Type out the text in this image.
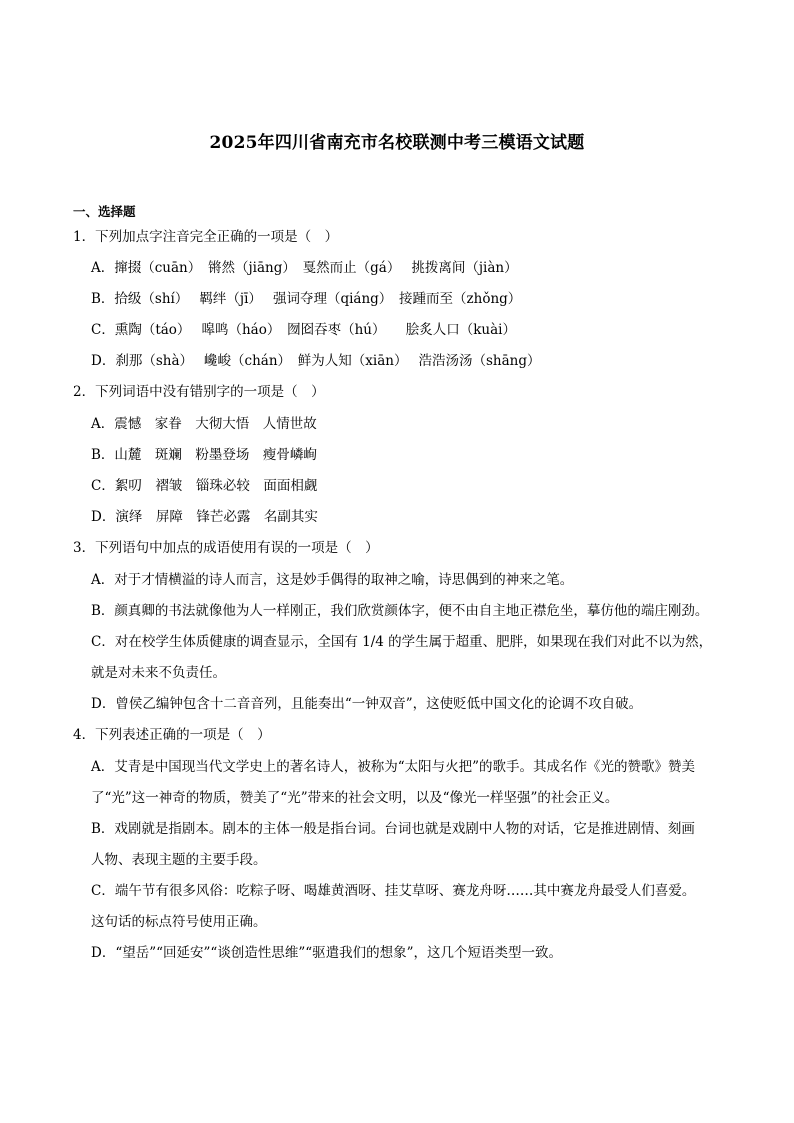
2025年四川省南充市名校联测中考三模语文试题
一、选择题
1．下列加点字注音完全正确的一项是（　）
A．撺掇（cuān）　锵然（jiāng）　戛然而止（gá）　 挑拨离间（jiàn）
B．拾级（shí）　 羁绊（jī）　 强词夺理（qiáng）　接踵而至（zhǒng）
C．熏陶（táo）　 嗥鸣（háo）　囫囵吞枣（hú）　　脍炙人口（kuài）
D．刹那（shà）　 巉峻（chán）　鲜为人知（xiān）　 浩浩汤汤（shāng）
2．下列词语中没有错别字的一项是（　）
A．震憾　家眷　大彻大悟　人情世故
B．山麓　斑斓　粉墨登场　瘦骨嶙峋
C．絮叨　褶皱　锱珠必较　面面相觑
D．演绎　屏障　锋芒必露　名副其实
3．下列语句中加点的成语使用有误的一项是（　）
A．对于才情横溢的诗人而言，这是妙手偶得的取神之喻，诗思偶到的神来之笔。
B．颜真卿的书法就像他为人一样刚正，我们欣赏颜体字，便不由自主地正襟危坐，摹仿他的端庄刚劲。
C．对在校学生体质健康的调查显示，全国有 1/4 的学生属于超重、肥胖，如果现在我们对此不以为然，
就是对未来不负责任。
D．曾侯乙编钟包含十二音音列，且能奏出“一钟双音”，这使贬低中国文化的论调不攻自破。
4．下列表述正确的一项是（　）
A．艾青是中国现当代文学史上的著名诗人，被称为“太阳与火把”的歌手。其成名作《光的赞歌》赞美
了“光”这一神奇的物质，赞美了“光”带来的社会文明，以及“像光一样坚强”的社会正义。
B．戏剧就是指剧本。剧本的主体一般是指台词。台词也就是戏剧中人物的对话，它是推进剧情、刻画
人物、表现主题的主要手段。
C．端午节有很多风俗：吃粽子呀、喝雄黄酒呀、挂艾草呀、赛龙舟呀……其中赛龙舟最受人们喜爱。
这句话的标点符号使用正确。
D．“望岳”“回延安”“谈创造性思维”“驱遣我们的想象”，这几个短语类型一致。
